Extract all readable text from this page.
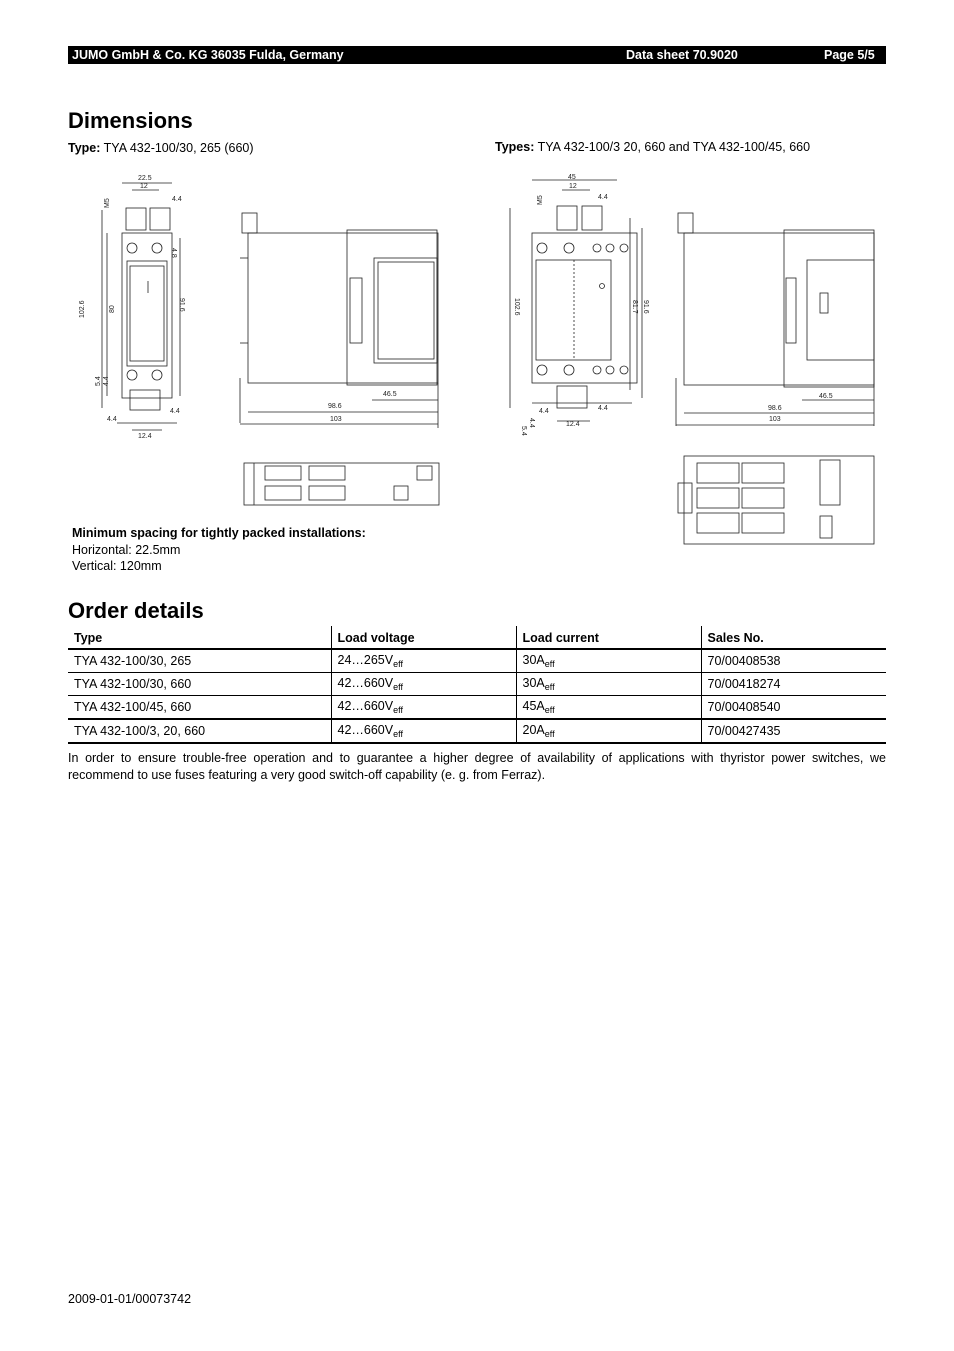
JUMO GmbH & Co. KG 36035 Fulda, Germany	Data sheet 70.9020	Page 5/5
Dimensions
Type: TYA 432-100/30, 265 (660)	Types: TYA 432-100/3 20, 660 and TYA 432-100/45, 660
22.5
12
4.4
4.8
M5
102.6	80	91.6
5.4 4.4
4.4
4.4
12.4
46.5
98.6
103
45
12
4.4
M5
102.6	81.7 91.6
5.4
4.4
4.4	4.4
12.4
46.5
98.6
103
Minimum spacing for tightly packed installations:
Horizontal: 22.5mm
Vertical: 120mm
Order details
Type	Load voltage	Load current	Sales No.
TYA 432-100/30, 265	$24\dots 265V_{eff}$	$30A_{eff}$	70/00408538
TYA 432-100/30, 660	$42\dots 660V_{eff}$	$30A_{eff}$	70/00418274
TYA 432-100/45, 660	$42\dots 660V_{eff}$	$45A_{eff}$	70/00408540
TYA 432-100/3, 20, 660	$42\dots 660V_{eff}$	$20A_{eff}$	70/00427435
In order to ensure trouble-free operation and to guarantee a higher degree of availability of applications with thyristor power switches, we recommend to use fuses featuring a very good switch-off capability (e. g. from Ferraz).
2009-01-01/00073742
